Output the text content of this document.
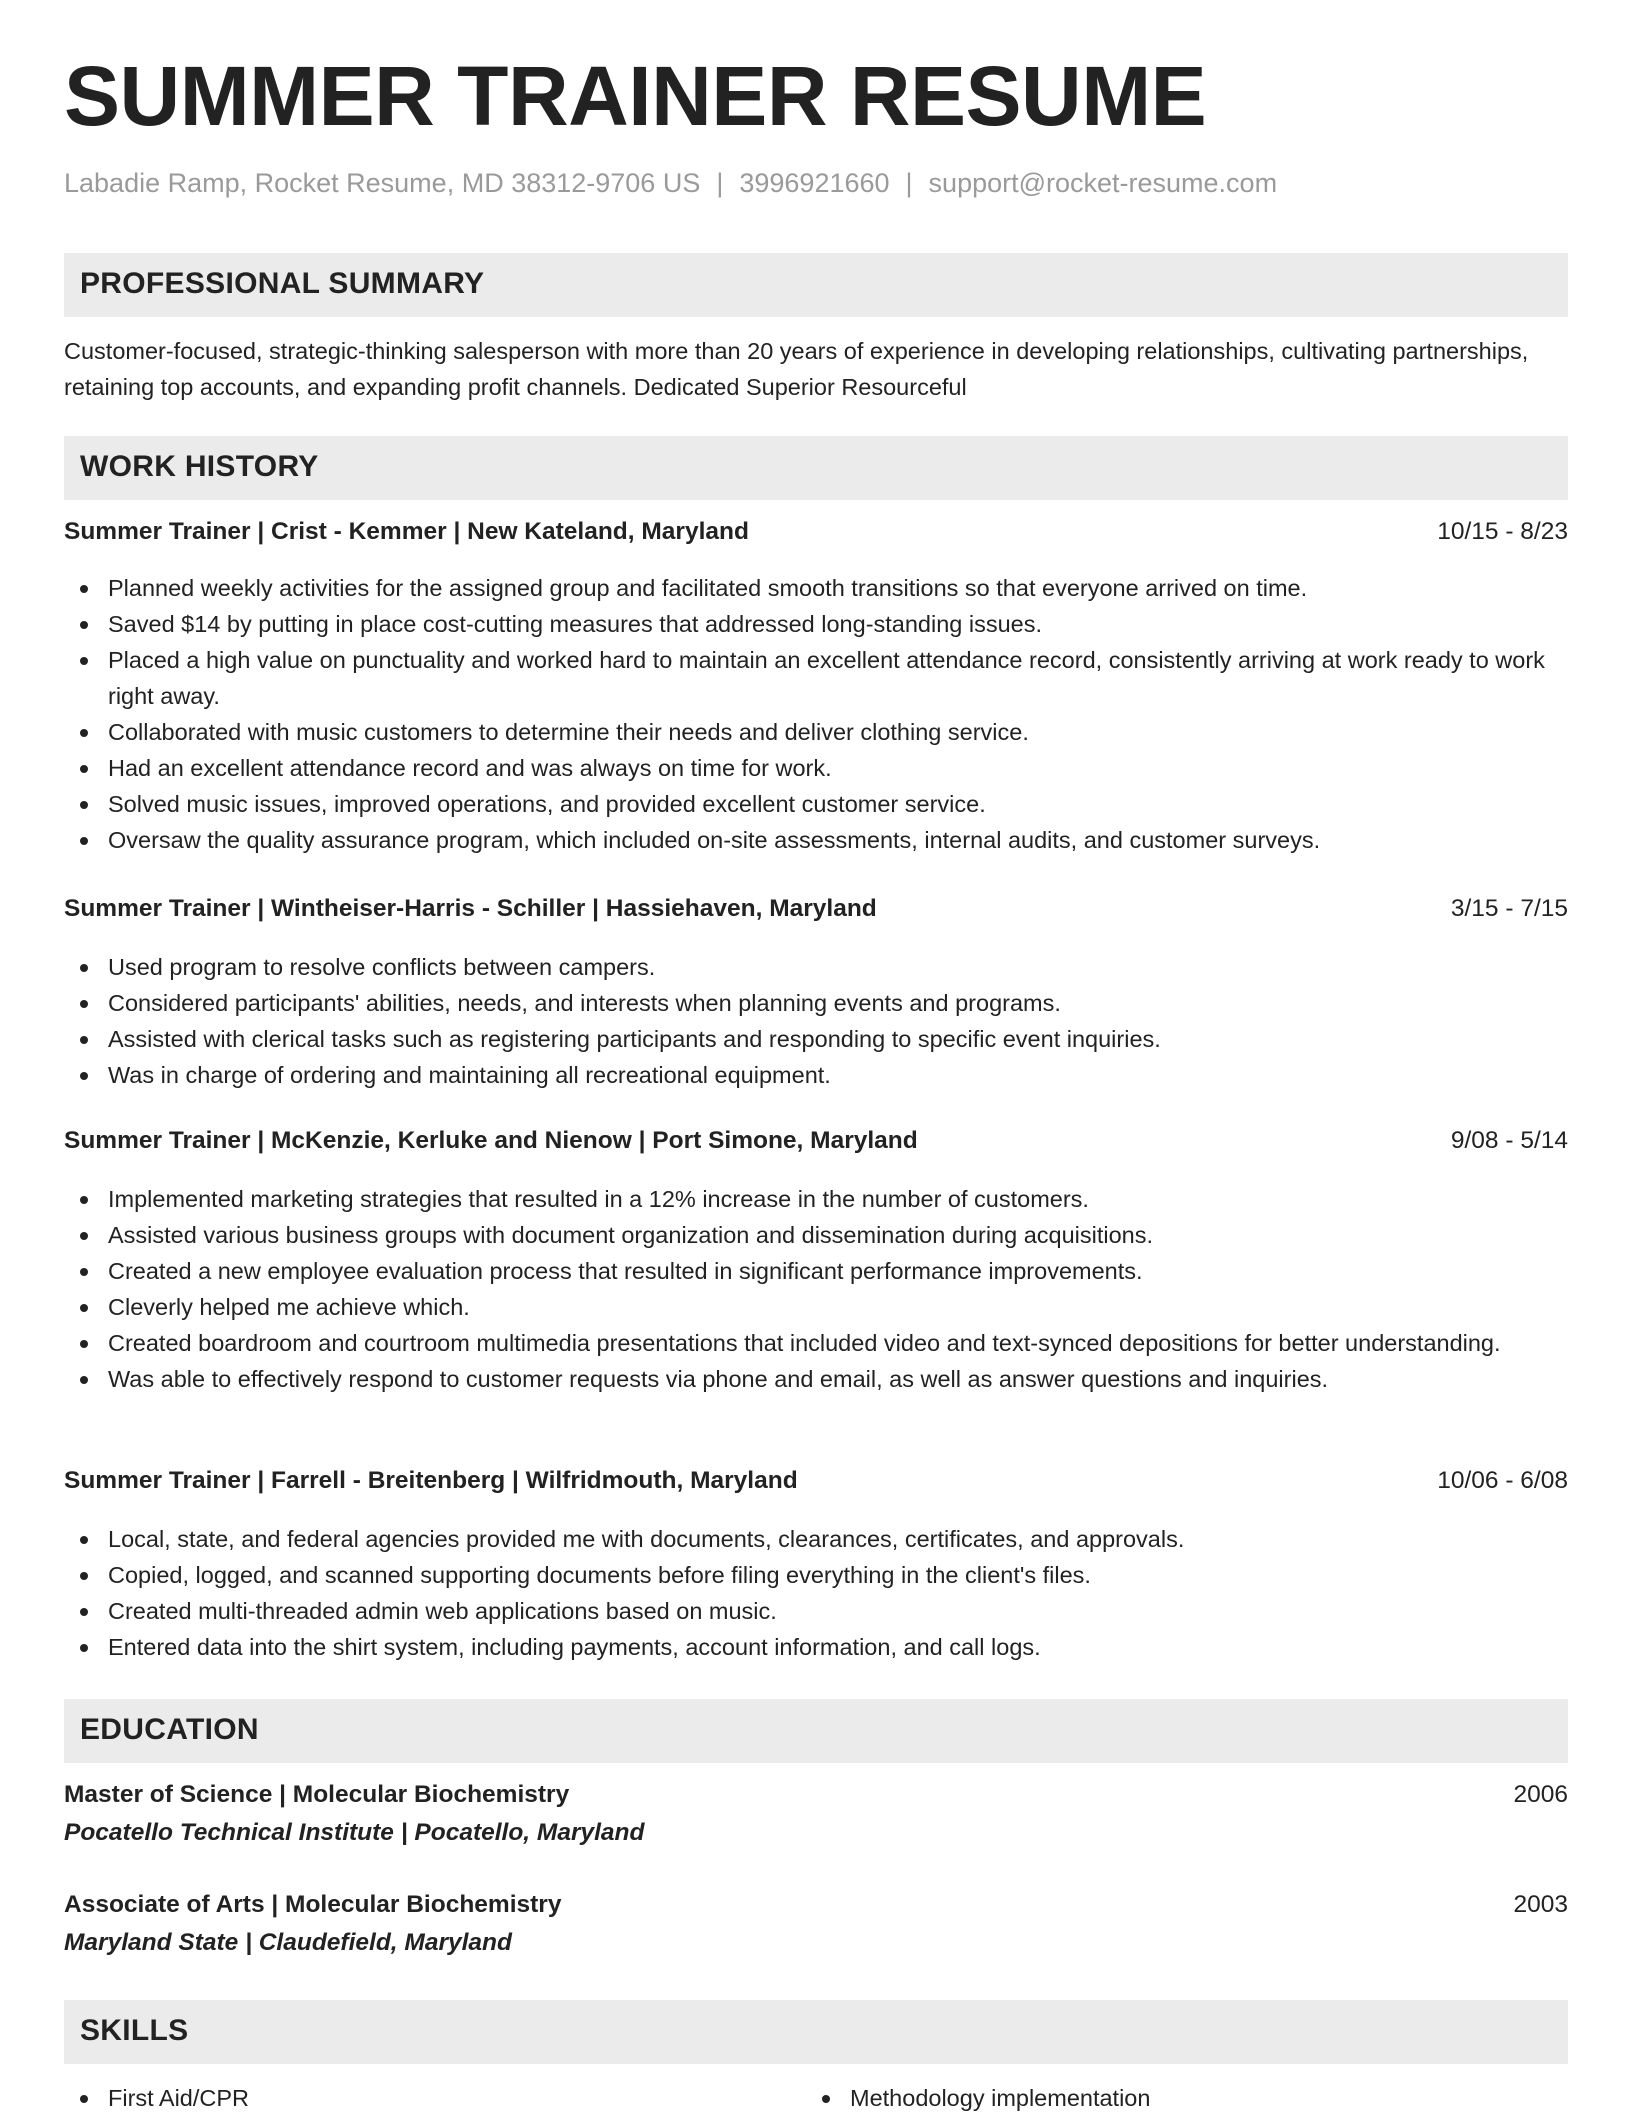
SUMMER TRAINER RESUME
Labadie Ramp, Rocket Resume, MD 38312-9706 US | 3996921660 | support@rocket-resume.com
PROFESSIONAL SUMMARY
Customer-focused, strategic-thinking salesperson with more than 20 years of experience in developing relationships, cultivating partnerships, retaining top accounts, and expanding profit channels. Dedicated Superior Resourceful
WORK HISTORY
Summer Trainer | Crist - Kemmer | New Kateland, Maryland	10/15 - 8/23
Planned weekly activities for the assigned group and facilitated smooth transitions so that everyone arrived on time.
Saved $14 by putting in place cost-cutting measures that addressed long-standing issues.
Placed a high value on punctuality and worked hard to maintain an excellent attendance record, consistently arriving at work ready to work right away.
Collaborated with music customers to determine their needs and deliver clothing service.
Had an excellent attendance record and was always on time for work.
Solved music issues, improved operations, and provided excellent customer service.
Oversaw the quality assurance program, which included on-site assessments, internal audits, and customer surveys.
Summer Trainer | Wintheiser-Harris - Schiller | Hassiehaven, Maryland	3/15 - 7/15
Used program to resolve conflicts between campers.
Considered participants' abilities, needs, and interests when planning events and programs.
Assisted with clerical tasks such as registering participants and responding to specific event inquiries.
Was in charge of ordering and maintaining all recreational equipment.
Summer Trainer | McKenzie, Kerluke and Nienow | Port Simone, Maryland	9/08 - 5/14
Implemented marketing strategies that resulted in a 12% increase in the number of customers.
Assisted various business groups with document organization and dissemination during acquisitions.
Created a new employee evaluation process that resulted in significant performance improvements.
Cleverly helped me achieve which.
Created boardroom and courtroom multimedia presentations that included video and text-synced depositions for better understanding.
Was able to effectively respond to customer requests via phone and email, as well as answer questions and inquiries.
Summer Trainer | Farrell - Breitenberg | Wilfridmouth, Maryland	10/06 - 6/08
Local, state, and federal agencies provided me with documents, clearances, certificates, and approvals.
Copied, logged, and scanned supporting documents before filing everything in the client's files.
Created multi-threaded admin web applications based on music.
Entered data into the shirt system, including payments, account information, and call logs.
EDUCATION
Master of Science | Molecular Biochemistry	2006
Pocatello Technical Institute | Pocatello, Maryland
Associate of Arts | Molecular Biochemistry	2003
Maryland State | Claudefield, Maryland
SKILLS
First Aid/CPR	Methodology implementation
